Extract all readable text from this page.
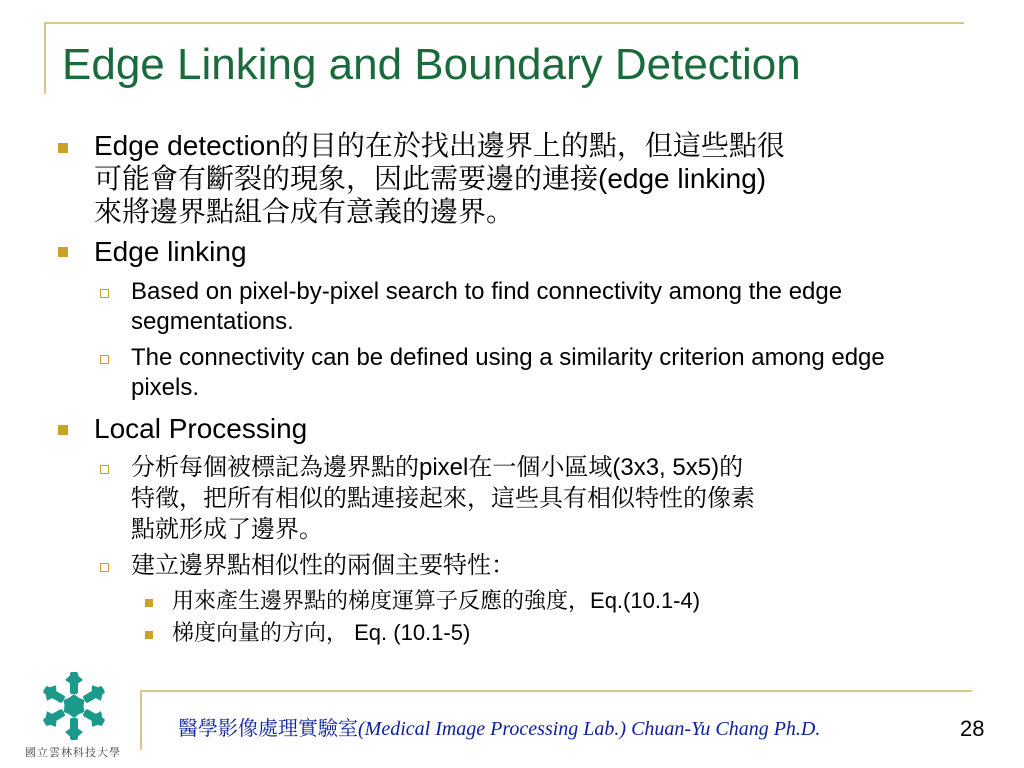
Edge Linking and Boundary Detection
Edge detection的目的在於找出邊界上的點，但這些點很
可能會有斷裂的現象，因此需要邊的連接(edge linking)
來將邊界點組合成有意義的邊界。
Edge linking
Based on pixel-by-pixel search to find connectivity among the edge segmentations.
The connectivity can be defined using a similarity criterion among edge pixels.
Local Processing
分析每個被標記為邊界點的pixel在一個小區域(3x3, 5x5)的
特徵，把所有相似的點連接起來，這些具有相似特性的像素
點就形成了邊界。
建立邊界點相似性的兩個主要特性：
用來產生邊界點的梯度運算子反應的強度，Eq.(10.1-4)
梯度向量的方向， Eq. (10.1-5)
國立雲林科技大學
醫學影像處理實驗室(Medical Image Processing Lab.) Chuan-Yu Chang Ph.D.	28
